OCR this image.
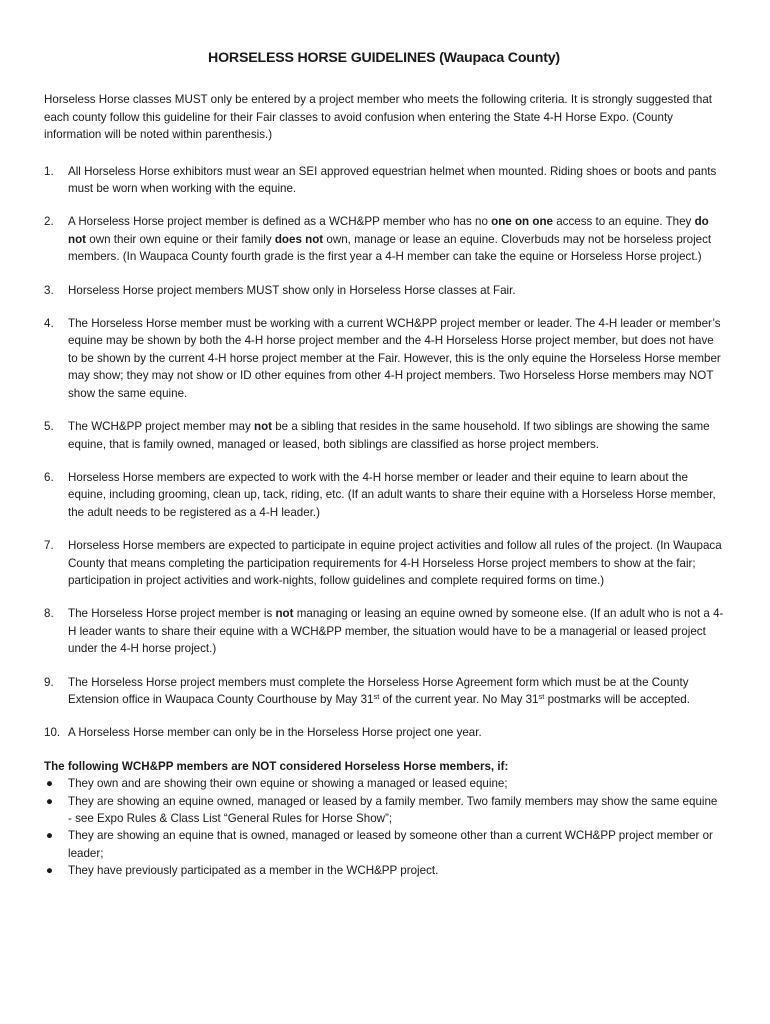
HORSELESS HORSE GUIDELINES (Waupaca County)

Horseless Horse classes MUST only be entered by a project member who meets the following criteria. It is strongly suggested that each county follow this guideline for their Fair classes to avoid confusion when entering the State 4-H Horse Expo. (County information will be noted within parenthesis.)

1. All Horseless Horse exhibitors must wear an SEI approved equestrian helmet when mounted. Riding shoes or boots and pants must be worn when working with the equine.
2. A Horseless Horse project member is defined as a WCH&PP member who has no one on one access to an equine. They do not own their own equine or their family does not own, manage or lease an equine. Cloverbuds may not be horseless project members. (In Waupaca County fourth grade is the first year a 4-H member can take the equine or Horseless Horse project.)
3. Horseless Horse project members MUST show only in Horseless Horse classes at Fair.
4. The Horseless Horse member must be working with a current WCH&PP project member or leader. The 4-H leader or member’s equine may be shown by both the 4-H horse project member and the 4-H Horseless Horse project member, but does not have to be shown by the current 4-H horse project member at the Fair. However, this is the only equine the Horseless Horse member may show; they may not show or ID other equines from other 4-H project members. Two Horseless Horse members may NOT show the same equine.
5. The WCH&PP project member may not be a sibling that resides in the same household. If two siblings are showing the same equine, that is family owned, managed or leased, both siblings are classified as horse project members.
6. Horseless Horse members are expected to work with the 4-H horse member or leader and their equine to learn about the equine, including grooming, clean up, tack, riding, etc. (If an adult wants to share their equine with a Horseless Horse member, the adult needs to be registered as a 4-H leader.)
7. Horseless Horse members are expected to participate in equine project activities and follow all rules of the project. (In Waupaca County that means completing the participation requirements for 4-H Horseless Horse project members to show at the fair; participation in project activities and work-nights, follow guidelines and complete required forms on time.)
8. The Horseless Horse project member is not managing or leasing an equine owned by someone else. (If an adult who is not a 4-H leader wants to share their equine with a WCH&PP member, the situation would have to be a managerial or leased project under the 4-H horse project.)
9. The Horseless Horse project members must complete the Horseless Horse Agreement form which must be at the County Extension office in Waupaca County Courthouse by May 31st of the current year. No May 31st postmarks will be accepted.
10. A Horseless Horse member can only be in the Horseless Horse project one year.

The following WCH&PP members are NOT considered Horseless Horse members, if:

● They own and are showing their own equine or showing a managed or leased equine;
● They are showing an equine owned, managed or leased by a family member. Two family members may show the same equine - see Expo Rules & Class List “General Rules for Horse Show”;
● They are showing an equine that is owned, managed or leased by someone other than a current WCH&PP project member or leader;
● They have previously participated as a member in the WCH&PP project.
